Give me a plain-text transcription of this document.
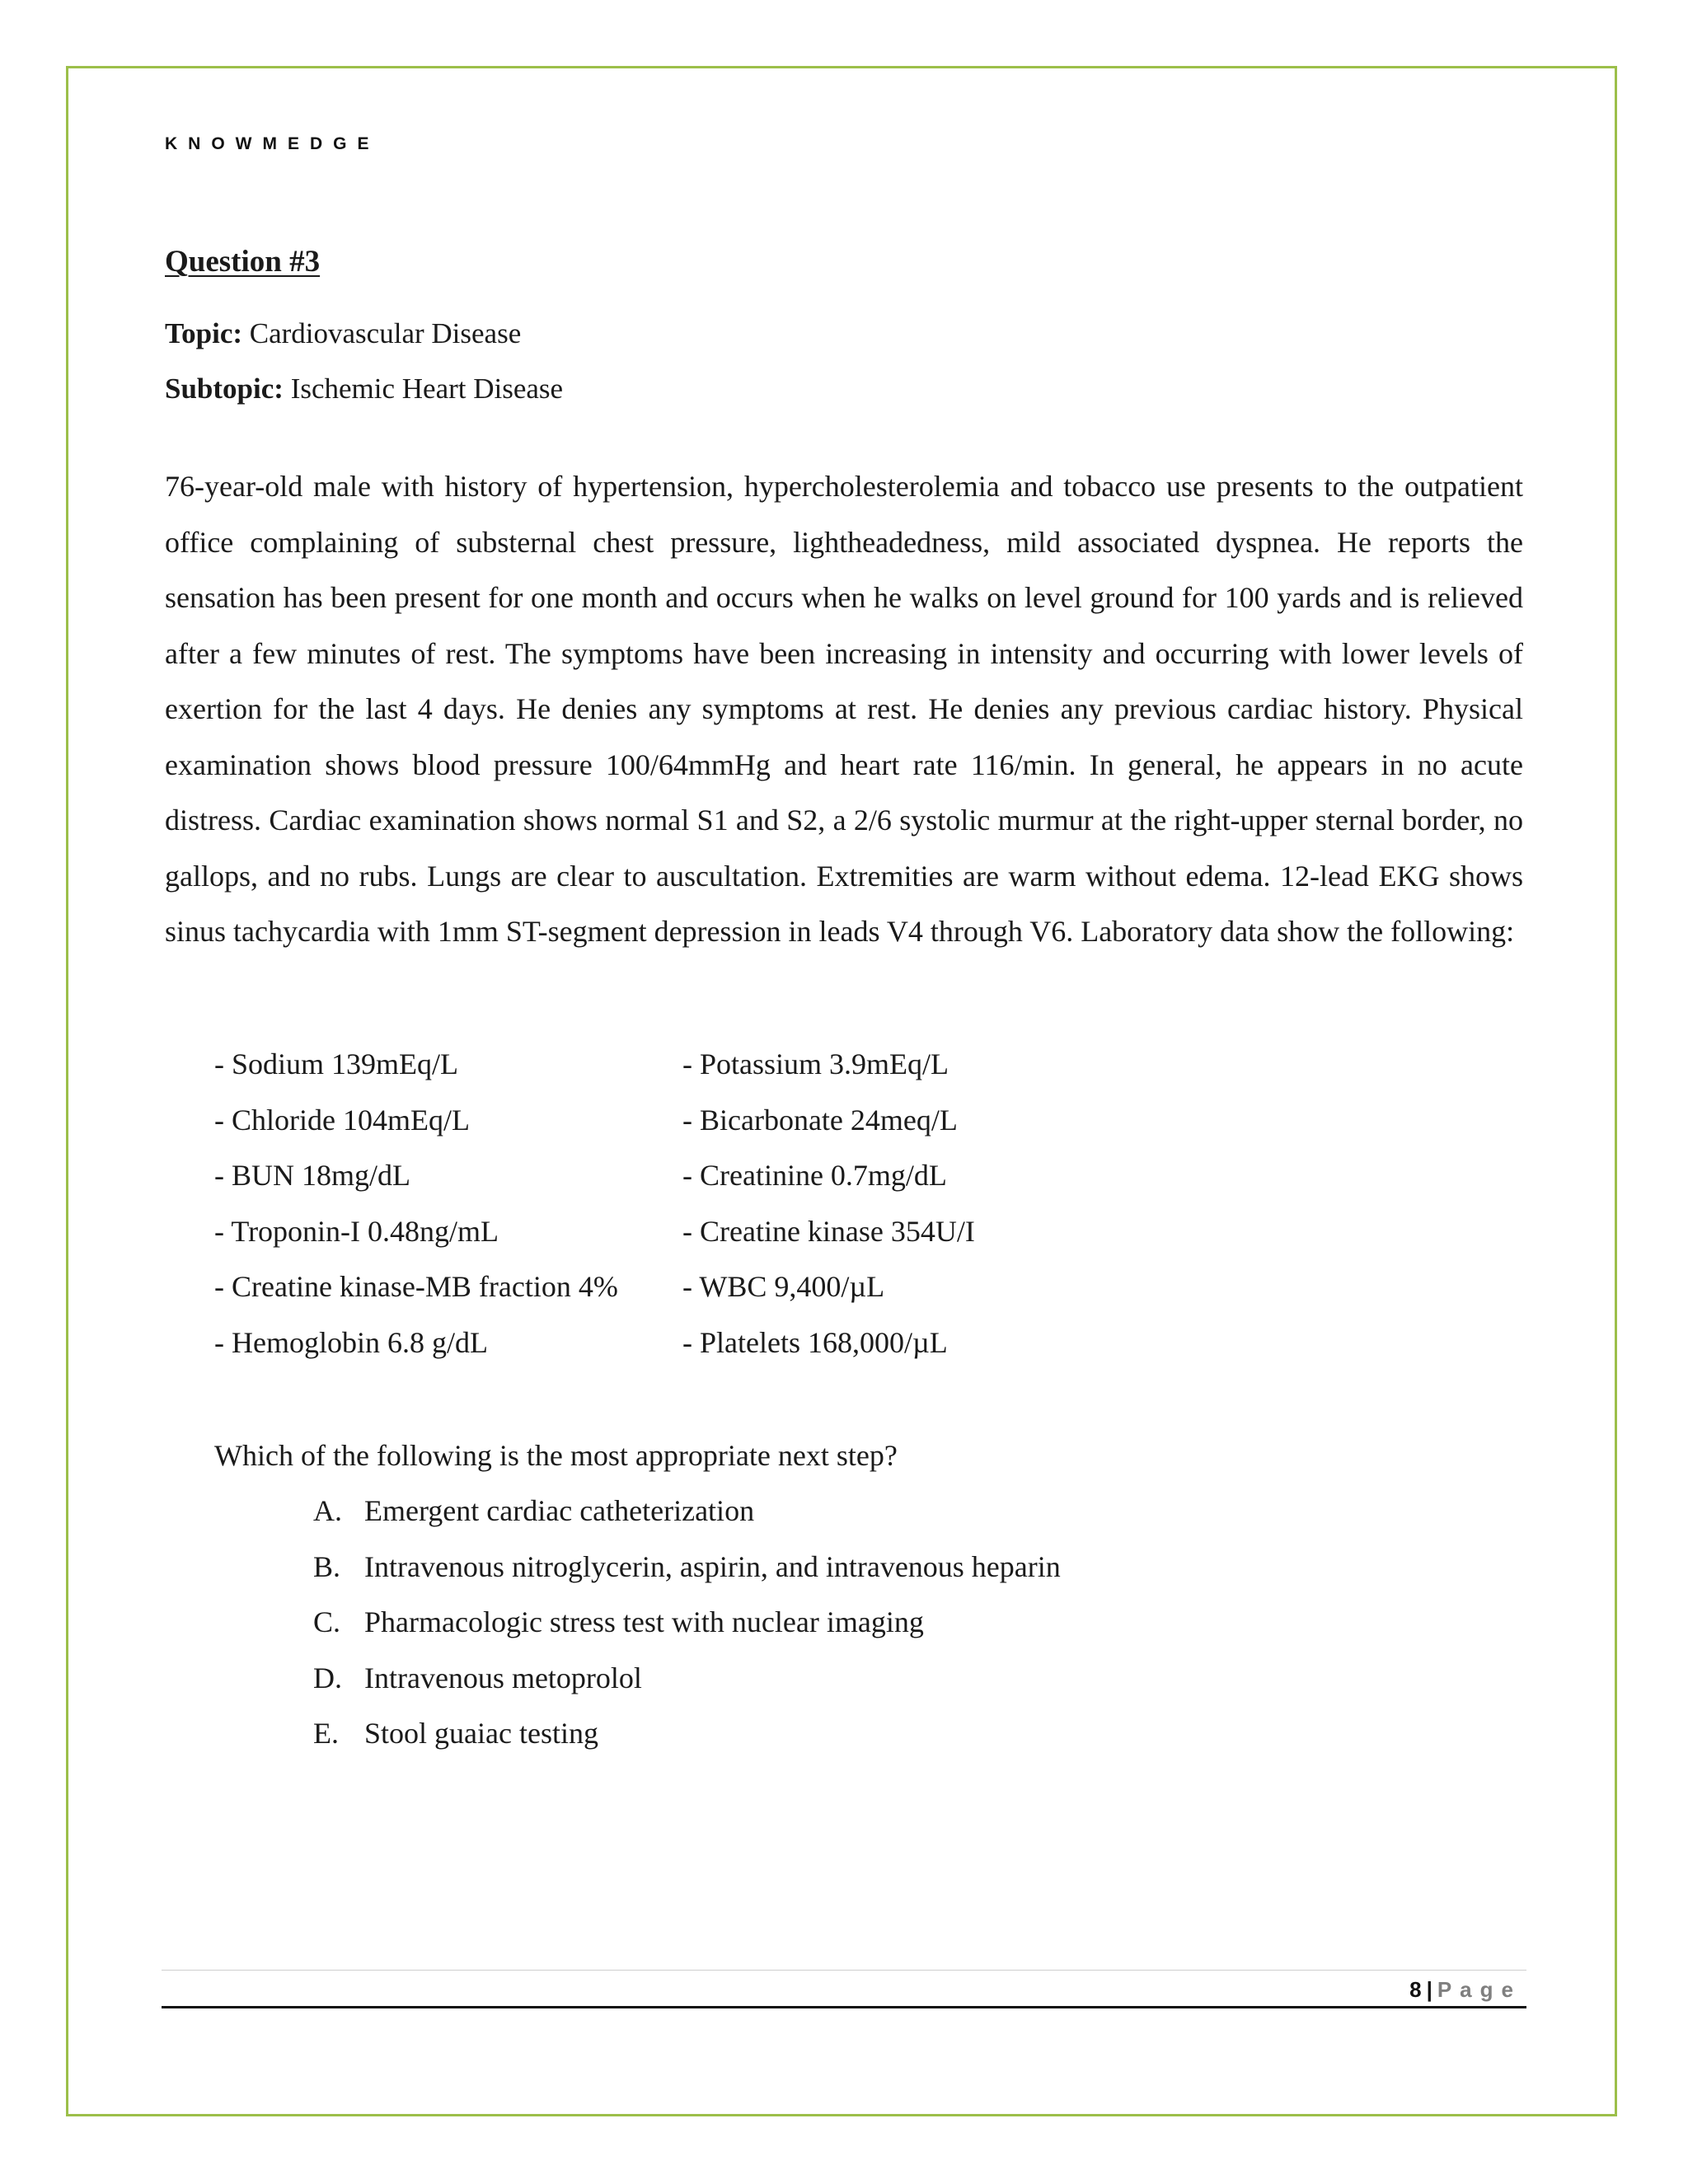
KNOWMEDGE
Question #3
Topic: Cardiovascular Disease
Subtopic: Ischemic Heart Disease

76-year-old male with history of hypertension, hypercholesterolemia and tobacco use presents to the outpatient office complaining of substernal chest pressure, lightheadedness, mild associated dyspnea. He reports the sensation has been present for one month and occurs when he walks on level ground for 100 yards and is relieved after a few minutes of rest. The symptoms have been increasing in intensity and occurring with lower levels of exertion for the last 4 days. He denies any symptoms at rest. He denies any previous cardiac history. Physical examination shows blood pressure 100/64mmHg and heart rate 116/min. In general, he appears in no acute distress. Cardiac examination shows normal S1 and S2, a 2/6 systolic murmur at the right-upper sternal border, no gallops, and no rubs. Lungs are clear to auscultation. Extremities are warm without edema. 12-lead EKG shows sinus tachycardia with 1mm ST-segment depression in leads V4 through V6. Laboratory data show the following:

- Sodium 139mEq/L	- Potassium 3.9mEq/L
- Chloride 104mEq/L	- Bicarbonate 24meq/L
- BUN 18mg/dL	- Creatinine 0.7mg/dL
- Troponin-I 0.48ng/mL	- Creatine kinase 354U/I
- Creatine kinase-MB fraction 4% - WBC 9,400/µL
- Hemoglobin 6.8 g/dL	- Platelets 168,000/µL
Which of the following is the most appropriate next step?
A. Emergent cardiac catheterization
B. Intravenous nitroglycerin, aspirin, and intravenous heparin
C. Pharmacologic stress test with nuclear imaging
D. Intravenous metoprolol
E. Stool guaiac testing
8 | Page
